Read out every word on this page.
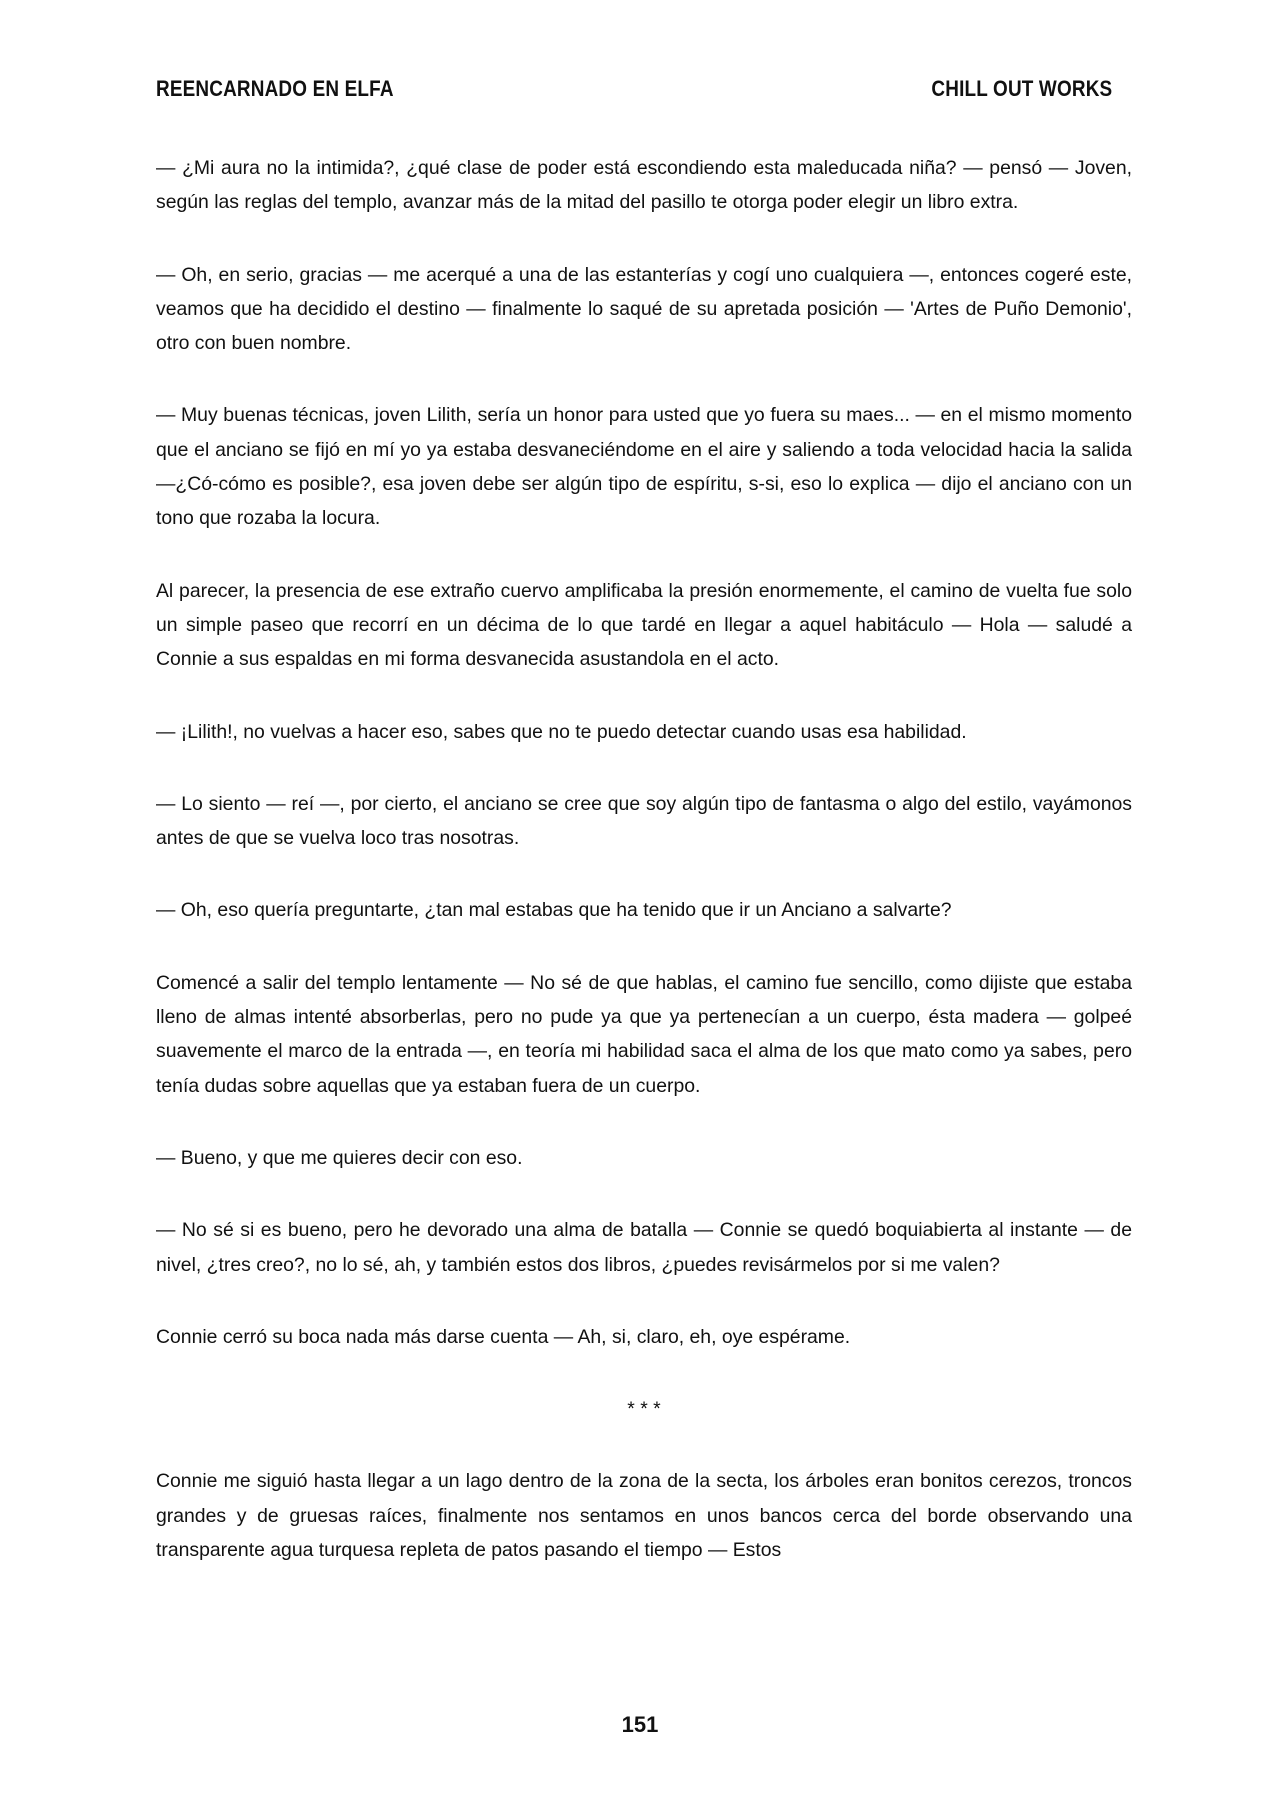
REENCARNADO EN ELFA	CHILL OUT WORKS

— ¿Mi aura no la intimida?, ¿qué clase de poder está escondiendo esta maleducada niña? — pensó — Joven, según las reglas del templo, avanzar más de la mitad del pasillo te otorga poder elegir un libro extra.

— Oh, en serio, gracias — me acerqué a una de las estanterías y cogí uno cualquiera —, entonces cogeré este, veamos que ha decidido el destino — finalmente lo saqué de su apretada posición — 'Artes de Puño Demonio', otro con buen nombre.

— Muy buenas técnicas, joven Lilith, sería un honor para usted que yo fuera su maes... — en el mismo momento que el anciano se fijó en mí yo ya estaba desvaneciéndome en el aire y saliendo a toda velocidad hacia la salida —¿Có-cómo es posible?, esa joven debe ser algún tipo de espíritu, s-si, eso lo explica — dijo el anciano con un tono que rozaba la locura.

Al parecer, la presencia de ese extraño cuervo amplificaba la presión enormemente, el camino de vuelta fue solo un simple paseo que recorrí en un décima de lo que tardé en llegar a aquel habitáculo — Hola — saludé a Connie a sus espaldas en mi forma desvanecida asustandola en el acto.

— ¡Lilith!, no vuelvas a hacer eso, sabes que no te puedo detectar cuando usas esa habilidad.

— Lo siento — reí —, por cierto, el anciano se cree que soy algún tipo de fantasma o algo del estilo, vayámonos antes de que se vuelva loco tras nosotras.

— Oh, eso quería preguntarte, ¿tan mal estabas que ha tenido que ir un Anciano a salvarte?

Comencé a salir del templo lentamente — No sé de que hablas, el camino fue sencillo, como dijiste que estaba lleno de almas intenté absorberlas, pero no pude ya que ya pertenecían a un cuerpo, ésta madera — golpeé suavemente el marco de la entrada —, en teoría mi habilidad saca el alma de los que mato como ya sabes, pero tenía dudas sobre aquellas que ya estaban fuera de un cuerpo.

— Bueno, y que me quieres decir con eso.

— No sé si es bueno, pero he devorado una alma de batalla — Connie se quedó boquiabierta al instante — de nivel, ¿tres creo?, no lo sé, ah, y también estos dos libros, ¿puedes revisármelos por si me valen?

Connie cerró su boca nada más darse cuenta — Ah, si, claro, eh, oye espérame.

* * *

Connie me siguió hasta llegar a un lago dentro de la zona de la secta, los árboles eran bonitos cerezos, troncos grandes y de gruesas raíces, finalmente nos sentamos en unos bancos cerca del borde observando una transparente agua turquesa repleta de patos pasando el tiempo — Estos

151
